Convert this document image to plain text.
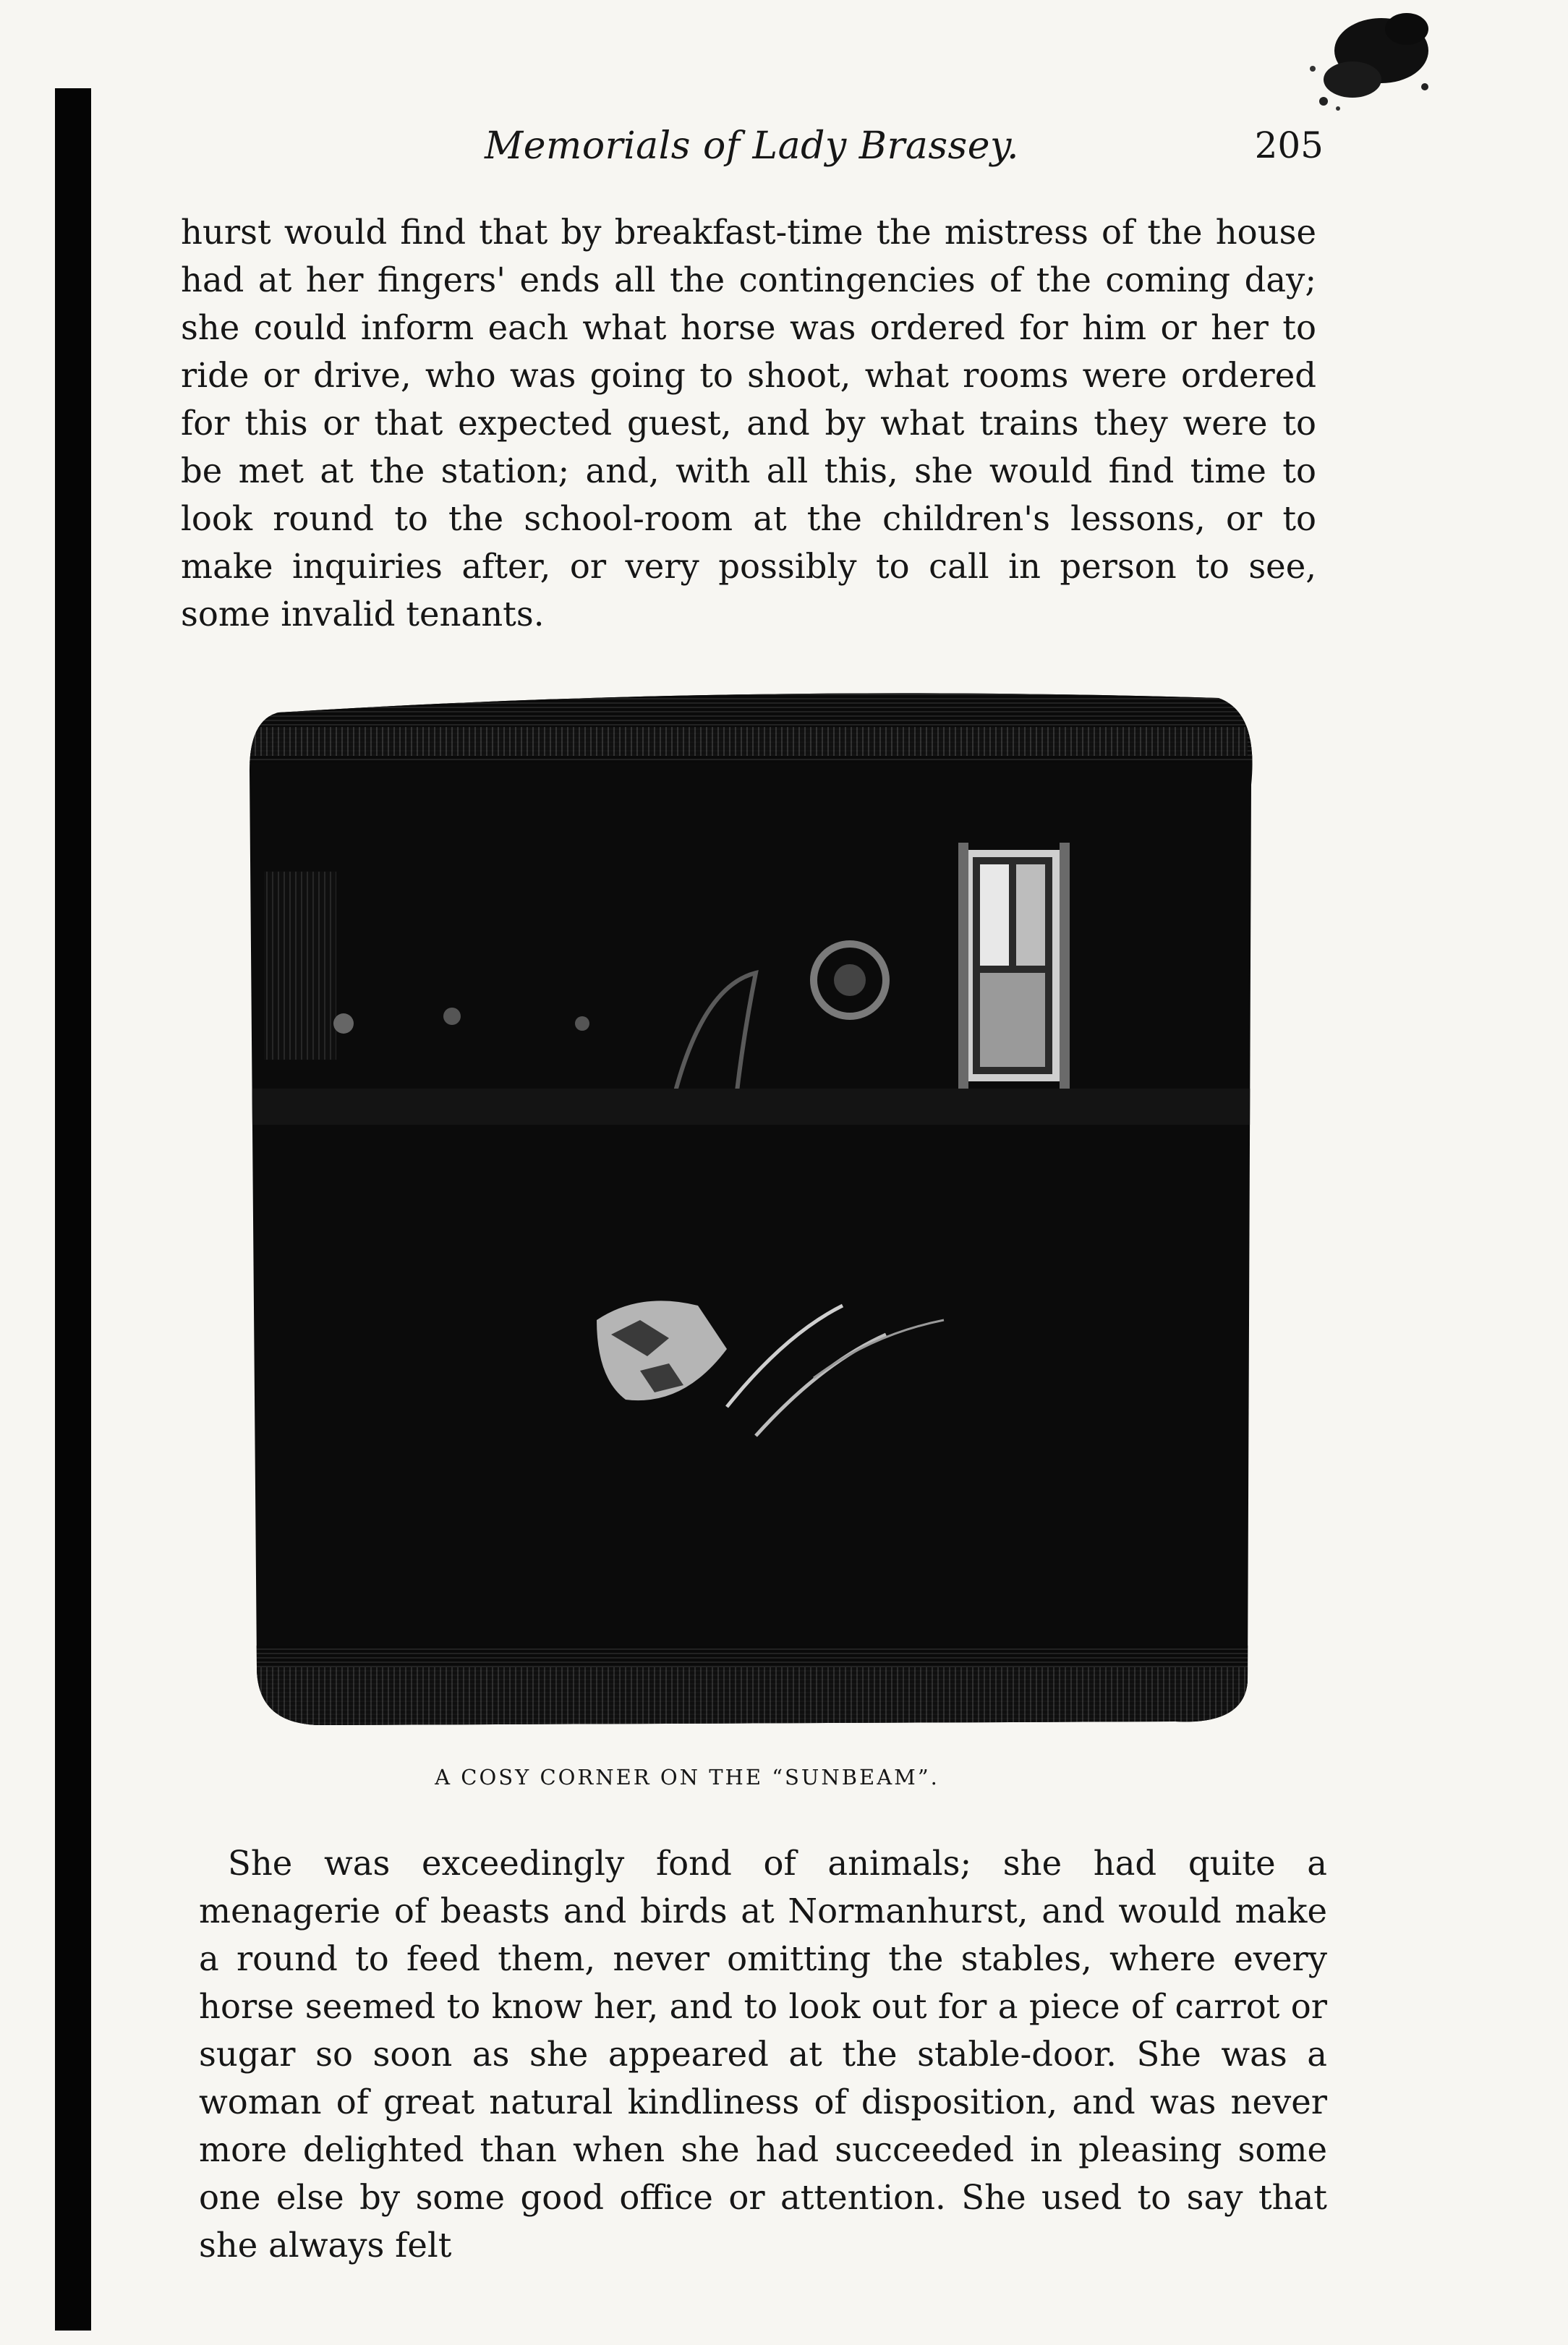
Memorials of Lady Brassey.	205

hurst would find that by breakfast-time the mistress of the house had at her fingers' ends all the contingencies of the coming day; she could inform each what horse was ordered for him or her to ride or drive, who was going to shoot, what rooms were ordered for this or that expected guest, and by what trains they were to be met at the station; and, with all this, she would find time to look round to the school-room at the children's lessons, or to make inquiries after, or very possibly to call in person to see, some invalid tenants.

A COSY CORNER ON THE “SUNBEAM”.

She was exceedingly fond of animals; she had quite a menagerie of beasts and birds at Normanhurst, and would make a round to feed them, never omitting the stables, where every horse seemed to know her, and to look out for a piece of carrot or sugar so soon as she appeared at the stable-door. She was a woman of great natural kindliness of disposition, and was never more delighted than when she had succeeded in pleasing some one else by some good office or attention. She used to say that she always felt
